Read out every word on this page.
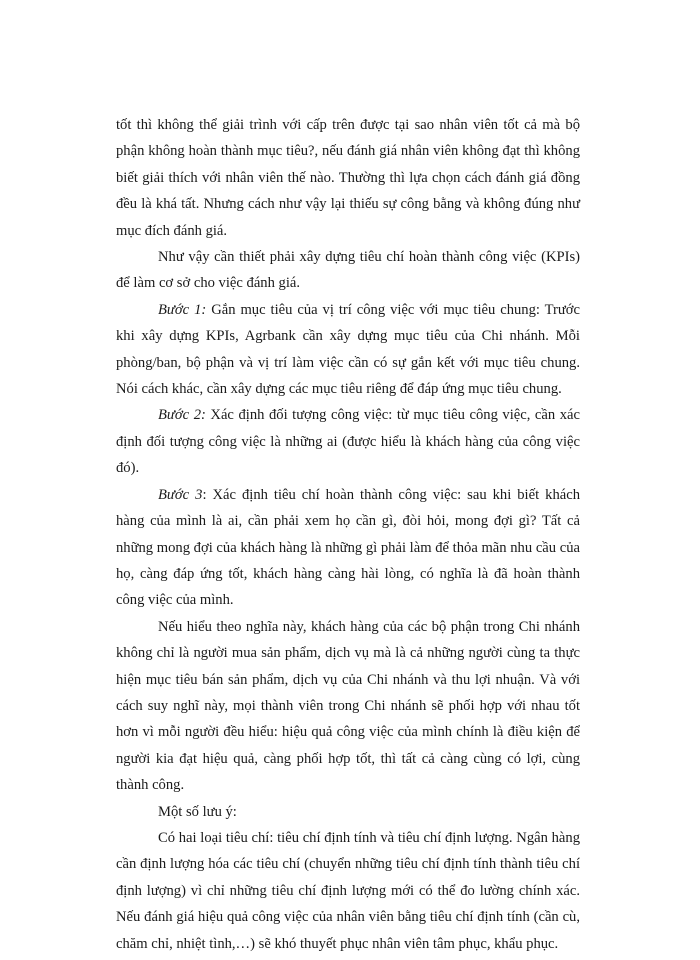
tốt thì không thể giải trình với cấp trên được tại sao nhân viên tốt cả mà bộ phận không hoàn thành mục tiêu?, nếu đánh giá nhân viên không đạt thì không biết giải thích với nhân viên thế nào. Thường thì lựa chọn cách đánh giá đồng đều là khá tất. Nhưng cách như vậy lại thiếu sự công bằng và không đúng như mục đích đánh giá.

Như vậy cần thiết phải xây dựng tiêu chí hoàn thành công việc (KPIs) để làm cơ sở cho việc đánh giá.

Bước 1: Gắn mục tiêu của vị trí công việc với mục tiêu chung: Trước khi xây dựng KPIs, Agrbank cần xây dựng mục tiêu của Chi nhánh. Mỗi phòng/ban, bộ phận và vị trí làm việc cần có sự gắn kết với mục tiêu chung. Nói cách khác, cần xây dựng các mục tiêu riêng để đáp ứng mục tiêu chung.

Bước 2: Xác định đối tượng công việc: từ mục tiêu công việc, cần xác định đối tượng công việc là những ai (được hiểu là khách hàng của công việc đó).

Bước 3: Xác định tiêu chí hoàn thành công việc: sau khi biết khách hàng của mình là ai, cần phải xem họ cần gì, đòi hỏi, mong đợi gì? Tất cả những mong đợi của khách hàng là những gì phải làm để thỏa mãn nhu cầu của họ, càng đáp ứng tốt, khách hàng càng hài lòng, có nghĩa là đã hoàn thành công việc của mình.

Nếu hiểu theo nghĩa này, khách hàng của các bộ phận trong Chi nhánh không chỉ là người mua sản phẩm, dịch vụ mà là cả những người cùng ta thực hiện mục tiêu bán sản phẩm, dịch vụ của Chi nhánh và thu lợi nhuận. Và với cách suy nghĩ này, mọi thành viên trong Chi nhánh sẽ phối hợp với nhau tốt hơn vì mỗi người đều hiểu: hiệu quả công việc của mình chính là điều kiện để người kia đạt hiệu quả, càng phối hợp tốt, thì tất cả càng cùng có lợi, cùng thành công.

Một số lưu ý:

Có hai loại tiêu chí: tiêu chí định tính và tiêu chí định lượng. Ngân hàng cần định lượng hóa các tiêu chí (chuyển những tiêu chí định tính thành tiêu chí định lượng) vì chỉ những tiêu chí định lượng mới có thể đo lường chính xác. Nếu đánh giá hiệu quả công việc của nhân viên bằng tiêu chí định tính (cần cù, chăm chỉ, nhiệt tình,…) sẽ khó thuyết phục nhân viên tâm phục, khẩu phục.
